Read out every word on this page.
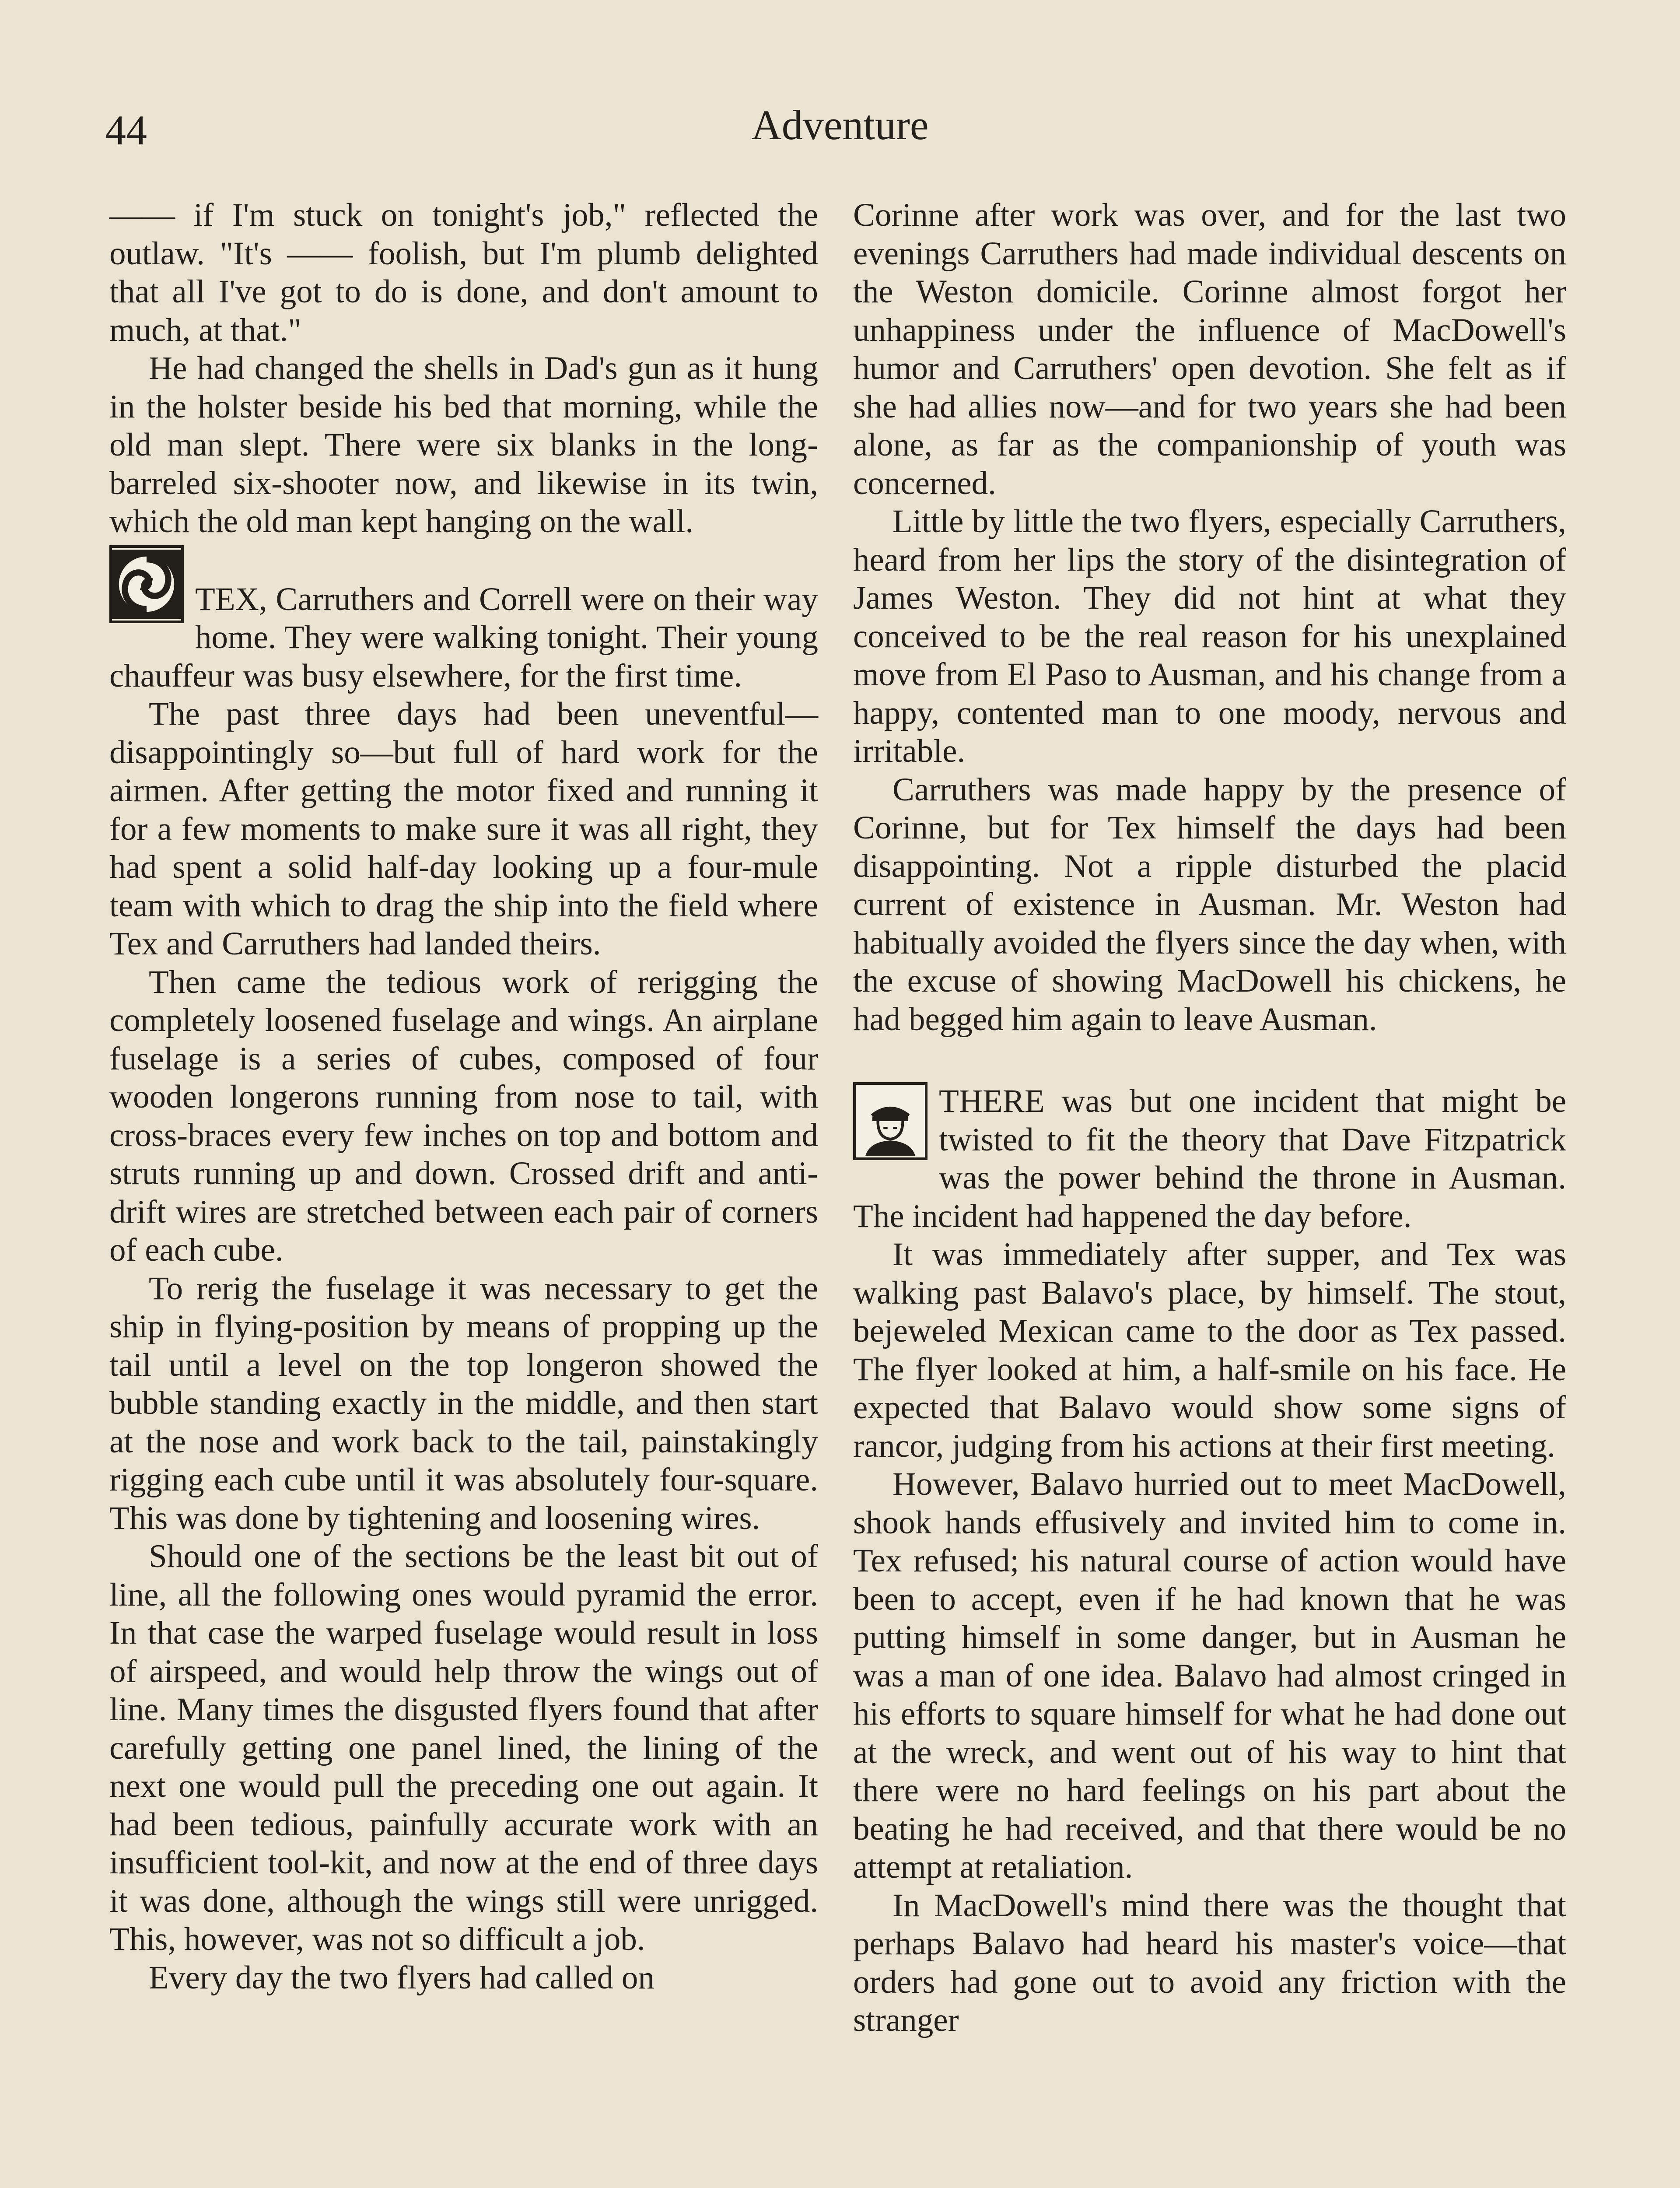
44	Adventure

—— if I'm stuck on tonight's job," reflected the outlaw. "It's —— foolish, but I'm plumb delighted that all I've got to do is done, and don't amount to much, at that."

He had changed the shells in Dad's gun as it hung in the holster beside his bed that morning, while the old man slept. There were six blanks in the long-barreled six-shooter now, and likewise in its twin, which the old man kept hanging on the wall.

TEX, Carruthers and Correll were on their way home. They were walking tonight. Their young chauffeur was busy elsewhere, for the first time.

The past three days had been uneventful—disappointingly so—but full of hard work for the airmen. After getting the motor fixed and running it for a few moments to make sure it was all right, they had spent a solid half-day looking up a four-mule team with which to drag the ship into the field where Tex and Carruthers had landed theirs.

Then came the tedious work of rerigging the completely loosened fuselage and wings. An airplane fuselage is a series of cubes, composed of four wooden longerons running from nose to tail, with cross-braces every few inches on top and bottom and struts running up and down. Crossed drift and anti-drift wires are stretched between each pair of corners of each cube.

To rerig the fuselage it was necessary to get the ship in flying-position by means of propping up the tail until a level on the top longeron showed the bubble standing exactly in the middle, and then start at the nose and work back to the tail, painstakingly rigging each cube until it was absolutely four-square. This was done by tightening and loosening wires.

Should one of the sections be the least bit out of line, all the following ones would pyramid the error. In that case the warped fuselage would result in loss of airspeed, and would help throw the wings out of line. Many times the disgusted flyers found that after carefully getting one panel lined, the lining of the next one would pull the preceding one out again. It had been tedious, painfully accurate work with an insufficient tool-kit, and now at the end of three days it was done, although the wings still were unrigged. This, however, was not so difficult a job.

Every day the two flyers had called on

Corinne after work was over, and for the last two evenings Carruthers had made individual descents on the Weston domicile. Corinne almost forgot her unhappiness under the influence of MacDowell's humor and Carruthers' open devotion. She felt as if she had allies now—and for two years she had been alone, as far as the companionship of youth was concerned.

Little by little the two flyers, especially Carruthers, heard from her lips the story of the disintegration of James Weston. They did not hint at what they conceived to be the real reason for his unexplained move from El Paso to Ausman, and his change from a happy, contented man to one moody, nervous and irritable.

Carruthers was made happy by the presence of Corinne, but for Tex himself the days had been disappointing. Not a ripple disturbed the placid current of existence in Ausman. Mr. Weston had habitually avoided the flyers since the day when, with the excuse of showing MacDowell his chickens, he had begged him again to leave Ausman.

THERE was but one incident that might be twisted to fit the theory that Dave Fitzpatrick was the power behind the throne in Ausman. The incident had happened the day before.

It was immediately after supper, and Tex was walking past Balavo's place, by himself. The stout, bejeweled Mexican came to the door as Tex passed. The flyer looked at him, a half-smile on his face. He expected that Balavo would show some signs of rancor, judging from his actions at their first meeting.

However, Balavo hurried out to meet MacDowell, shook hands effusively and invited him to come in. Tex refused; his natural course of action would have been to accept, even if he had known that he was putting himself in some danger, but in Ausman he was a man of one idea. Balavo had almost cringed in his efforts to square himself for what he had done out at the wreck, and went out of his way to hint that there were no hard feelings on his part about the beating he had received, and that there would be no attempt at retaliation.

In MacDowell's mind there was the thought that perhaps Balavo had heard his master's voice—that orders had gone out to avoid any friction with the stranger
